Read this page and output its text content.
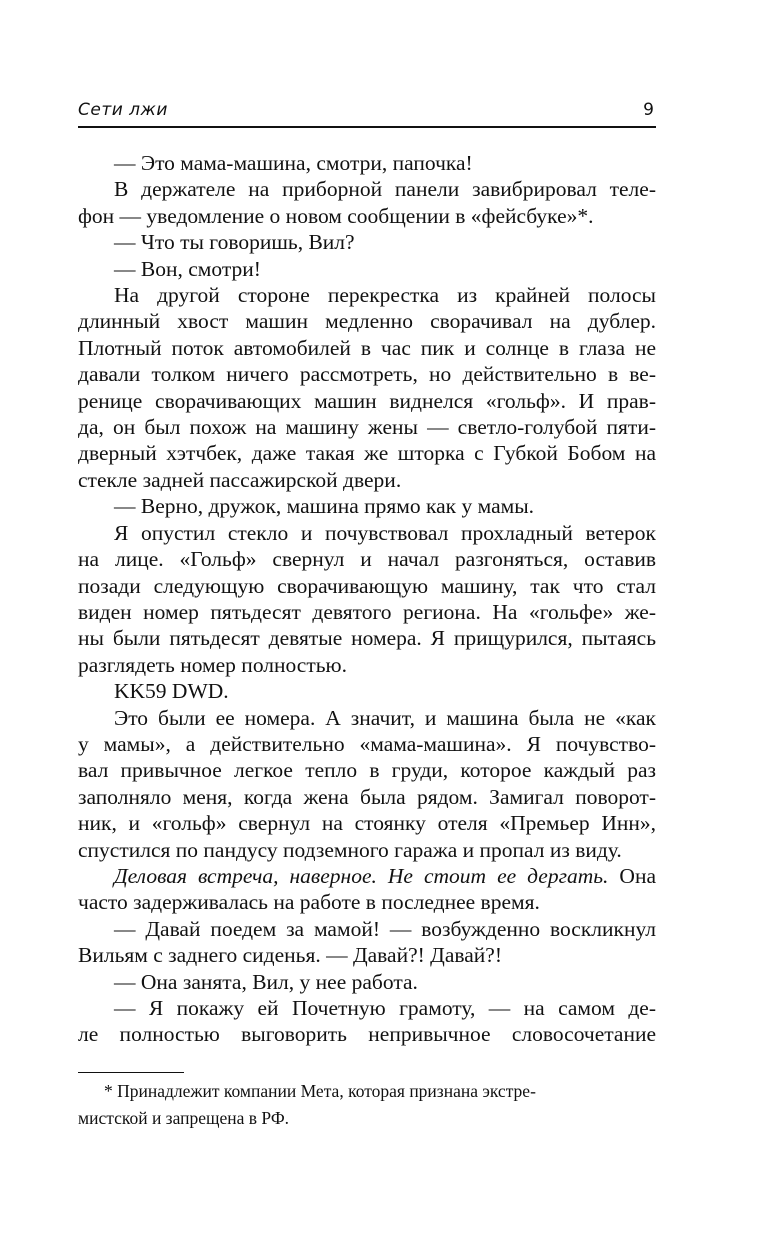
Сети лжи	9

— Это мама-машина, смотри, папочка!

В держателе на приборной панели завибрировал теле-

фон — уведомление о новом сообщении в «фейсбуке»*.

— Что ты говоришь, Вил?

— Вон, смотри!

На другой стороне перекрестка из крайней полосы

длинный хвост машин медленно сворачивал на дублер.

Плотный поток автомобилей в час пик и солнце в глаза не

давали толком ничего рассмотреть, но действительно в ве-

ренице сворачивающих машин виднелся «гольф». И прав-

да, он был похож на машину жены — светло-голубой пяти-

дверный хэтчбек, даже такая же шторка с Губкой Бобом на

стекле задней пассажирской двери.

— Верно, дружок, машина прямо как у мамы.

Я опустил стекло и почувствовал прохладный ветерок

на лице. «Гольф» свернул и начал разгоняться, оставив

позади следующую сворачивающую машину, так что стал

виден номер пятьдесят девятого региона. На «гольфе» же-

ны были пятьдесят девятые номера. Я прищурился, пытаясь

разглядеть номер полностью.

KK59 DWD.

Это были ее номера. А значит, и машина была не «как

у мамы», а действительно «мама-машина». Я почувство-

вал привычное легкое тепло в груди, которое каждый раз

заполняло меня, когда жена была рядом. Замигал поворот-

ник, и «гольф» свернул на стоянку отеля «Премьер Инн»,

спустился по пандусу подземного гаража и пропал из виду.

Деловая встреча, наверное. Не стоит ее дергать. Она

часто задерживалась на работе в последнее время.

— Давай поедем за мамой! — возбужденно воскликнул

Вильям с заднего сиденья. — Давай?! Давай?!

— Она занята, Вил, у нее работа.

— Я покажу ей Почетную грамоту, — на самом де-

ле полностью выговорить непривычное словосочетание

* Принадлежит компании Мета, которая признана экстре-

мистской и запрещена в РФ.
